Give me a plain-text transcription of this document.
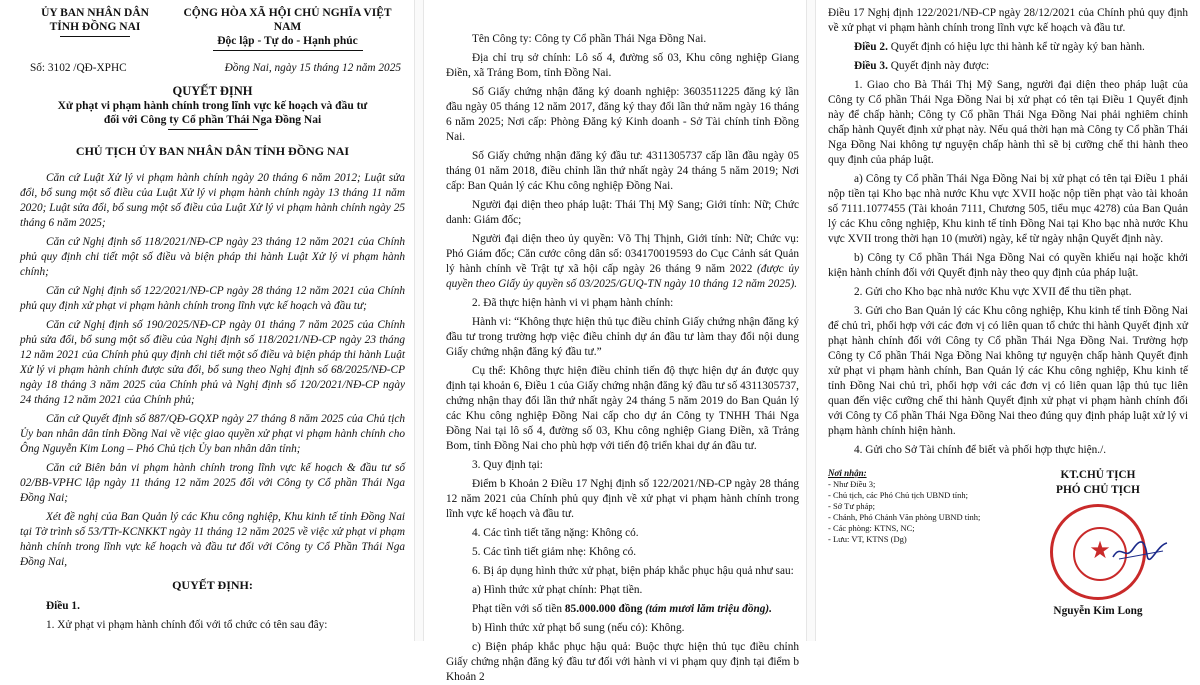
ỦY BAN NHÂN DÂN
TỈNH ĐỒNG NAI
CỘNG HÒA XÃ HỘI CHỦ NGHĨA VIỆT NAM
Độc lập - Tự do - Hạnh phúc
Số: 3102 /QĐ-XPHC	Đồng Nai, ngày 15 tháng 12 năm 2025
QUYẾT ĐỊNH
Xử phạt vi phạm hành chính trong lĩnh vực kế hoạch và đầu tư
đối với Công ty Cổ phần Thái Nga Đồng Nai
CHỦ TỊCH ỦY BAN NHÂN DÂN TỈNH ĐỒNG NAI

Căn cứ Luật Xử lý vi phạm hành chính ngày 20 tháng 6 năm 2012; Luật sửa đổi, bổ sung một số điều của Luật Xử lý vi phạm hành chính ngày 13 tháng 11 năm 2020; Luật sửa đổi, bổ sung một số điều của Luật Xử lý vi phạm hành chính ngày 25 tháng 6 năm 2025;

Căn cứ Nghị định số 118/2021/NĐ-CP ngày 23 tháng 12 năm 2021 của Chính phủ quy định chi tiết một số điều và biện pháp thi hành Luật Xử lý vi phạm hành chính;

Căn cứ Nghị định số 122/2021/NĐ-CP ngày 28 tháng 12 năm 2021 của Chính phủ quy định xử phạt vi phạm hành chính trong lĩnh vực kế hoạch và đầu tư;

Căn cứ Nghị định số 190/2025/NĐ-CP ngày 01 tháng 7 năm 2025 của Chính phủ sửa đổi, bổ sung một số điều của Nghị định số 118/2021/NĐ-CP ngày 23 tháng 12 năm 2021 của Chính phủ quy định chi tiết một số điều và biện pháp thi hành Luật Xử lý vi phạm hành chính được sửa đổi, bổ sung theo Nghị định số 68/2025/NĐ-CP ngày 18 tháng 3 năm 2025 của Chính phủ và Nghị định số 120/2021/NĐ-CP ngày 24 tháng 12 năm 2021 của Chính phủ;

Căn cứ Quyết định số 887/QĐ-GQXP ngày 27 tháng 8 năm 2025 của Chủ tịch Ủy ban nhân dân tỉnh Đồng Nai về việc giao quyền xử phạt vi phạm hành chính cho Ông Nguyễn Kim Long – Phó Chủ tịch Ủy ban nhân dân tỉnh;

Căn cứ Biên bản vi phạm hành chính trong lĩnh vực kế hoạch & đầu tư số 02/BB-VPHC lập ngày 11 tháng 12 năm 2025 đối với Công ty Cổ phần Thái Nga Đồng Nai;

Xét đề nghị của Ban Quản lý các Khu công nghiệp, Khu kinh tế tỉnh Đồng Nai tại Tờ trình số 53/TTr-KCNKKT ngày 11 tháng 12 năm 2025 về việc xử phạt vi phạm hành chính trong lĩnh vực kế hoạch và đầu tư đối với Công ty Cổ Phần Thái Nga Đồng Nai,

QUYẾT ĐỊNH:

Điều 1.

1. Xử phạt vi phạm hành chính đối với tổ chức có tên sau đây:

Tên Công ty: Công ty Cổ phần Thái Nga Đồng Nai.

Địa chỉ trụ sở chính: Lô số 4, đường số 03, Khu công nghiệp Giang Điền, xã Trảng Bom, tỉnh Đồng Nai.

Số Giấy chứng nhận đăng ký doanh nghiệp: 3603511225 đăng ký lần đầu ngày 05 tháng 12 năm 2017, đăng ký thay đổi lần thứ năm ngày 16 tháng 6 năm 2025; Nơi cấp: Phòng Đăng ký Kinh doanh - Sở Tài chính tỉnh Đồng Nai.

Số Giấy chứng nhận đăng ký đầu tư: 4311305737 cấp lần đầu ngày 05 tháng 01 năm 2018, điều chỉnh lần thứ nhất ngày 24 tháng 5 năm 2019; Nơi cấp: Ban Quản lý các Khu công nghiệp Đồng Nai.

Người đại diện theo pháp luật: Thái Thị Mỹ Sang; Giới tính: Nữ; Chức danh: Giám đốc;

Người đại diện theo ủy quyền: Võ Thị Thịnh, Giới tính: Nữ; Chức vụ: Phó Giám đốc; Căn cước công dân số: 034170019593 do Cục Cảnh sát Quản lý hành chính về Trật tự xã hội cấp ngày 26 tháng 9 năm 2022 (được ủy quyền theo Giấy ủy quyền số 03/2025/GUQ-TN ngày 10 tháng 12 năm 2025).

2. Đã thực hiện hành vi vi phạm hành chính:

Hành vi: “Không thực hiện thủ tục điều chỉnh Giấy chứng nhận đăng ký đầu tư trong trường hợp việc điều chỉnh dự án đầu tư làm thay đổi nội dung Giấy chứng nhận đăng ký đầu tư.”

Cụ thể: Không thực hiện điều chỉnh tiến độ thực hiện dự án được quy định tại khoản 6, Điều 1 của Giấy chứng nhận đăng ký đầu tư số 4311305737, chứng nhận thay đổi lần thứ nhất ngày 24 tháng 5 năm 2019 do Ban Quản lý các Khu công nghiệp Đồng Nai cấp cho dự án Công ty TNHH Thái Nga Đồng Nai tại lô số 4, đường số 03, Khu công nghiệp Giang Điền, xã Trảng Bom, tỉnh Đồng Nai cho phù hợp với tiến độ triển khai dự án đầu tư.

3. Quy định tại:

Điểm b Khoản 2 Điều 17 Nghị định số 122/2021/NĐ-CP ngày 28 tháng 12 năm 2021 của Chính phủ quy định về xử phạt vi phạm hành chính trong lĩnh vực kế hoạch và đầu tư.

4. Các tình tiết tăng nặng: Không có.

5. Các tình tiết giảm nhẹ: Không có.

6. Bị áp dụng hình thức xử phạt, biện pháp khắc phục hậu quả như sau:

a) Hình thức xử phạt chính: Phạt tiền.

Phạt tiền với số tiền 85.000.000 đồng (tám mươi lăm triệu đồng).

b) Hình thức xử phạt bổ sung (nếu có): Không.

c) Biện pháp khắc phục hậu quả: Buộc thực hiện thủ tục điều chỉnh Giấy chứng nhận đăng ký đầu tư đối với hành vi vi phạm quy định tại điểm b Khoản 2

Điều 17 Nghị định 122/2021/NĐ-CP ngày 28/12/2021 của Chính phủ quy định về xử phạt vi phạm hành chính trong lĩnh vực kế hoạch và đầu tư.

Điều 2. Quyết định có hiệu lực thi hành kể từ ngày ký ban hành.

Điều 3. Quyết định này được:

1. Giao cho Bà Thái Thị Mỹ Sang, người đại diện theo pháp luật của Công ty Cổ phần Thái Nga Đồng Nai bị xử phạt có tên tại Điều 1 Quyết định này để chấp hành; Công ty Cổ phần Thái Nga Đồng Nai phải nghiêm chỉnh chấp hành Quyết định xử phạt này. Nếu quá thời hạn mà Công ty Cổ phần Thái Nga Đồng Nai không tự nguyện chấp hành thì sẽ bị cưỡng chế thi hành theo quy định của pháp luật.

a) Công ty Cổ phần Thái Nga Đồng Nai bị xử phạt có tên tại Điều 1 phải nộp tiền tại Kho bạc nhà nước Khu vực XVII hoặc nộp tiền phạt vào tài khoản số 7111.1077455 (Tài khoản 7111, Chương 505, tiểu mục 4278) của Ban Quản lý các Khu công nghiệp, Khu kinh tế tỉnh Đồng Nai tại Kho bạc nhà nước Khu vực XVII trong thời hạn 10 (mười) ngày, kể từ ngày nhận Quyết định này.

b) Công ty Cổ phần Thái Nga Đồng Nai có quyền khiếu nại hoặc khởi kiện hành chính đối với Quyết định này theo quy định của pháp luật.

2. Gửi cho Kho bạc nhà nước Khu vực XVII để thu tiền phạt.

3. Gửi cho Ban Quản lý các Khu công nghiệp, Khu kinh tế tỉnh Đồng Nai để chủ trì, phối hợp với các đơn vị có liên quan tổ chức thi hành Quyết định xử phạt hành chính đối với Công ty Cổ phần Thái Nga Đồng Nai. Trường hợp Công ty Cổ phần Thái Nga Đồng Nai không tự nguyện chấp hành Quyết định xử phạt vi phạm hành chính, Ban Quản lý các Khu công nghiệp, Khu kinh tế tỉnh Đồng Nai chủ trì, phối hợp với các đơn vị có liên quan lập thủ tục liên quan đến việc cưỡng chế thi hành Quyết định xử phạt vi phạm hành chính đối với Công ty Cổ phần Thái Nga Đồng Nai theo đúng quy định pháp luật xử lý vi phạm hành chính hiện hành.

4. Gửi cho Sở Tài chính để biết và phối hợp thực hiện./.

Nơi nhận:
- Như Điều 3;
- Chủ tịch, các Phó Chủ tịch UBND tỉnh;
- Sở Tư pháp;
- Chánh, Phó Chánh Văn phòng UBND tỉnh;
- Các phòng: KTNS, NC;
- Lưu: VT, KTNS (Dg)
KT.CHỦ TỊCH
PHÓ CHỦ TỊCH
★
Nguyễn Kim Long
